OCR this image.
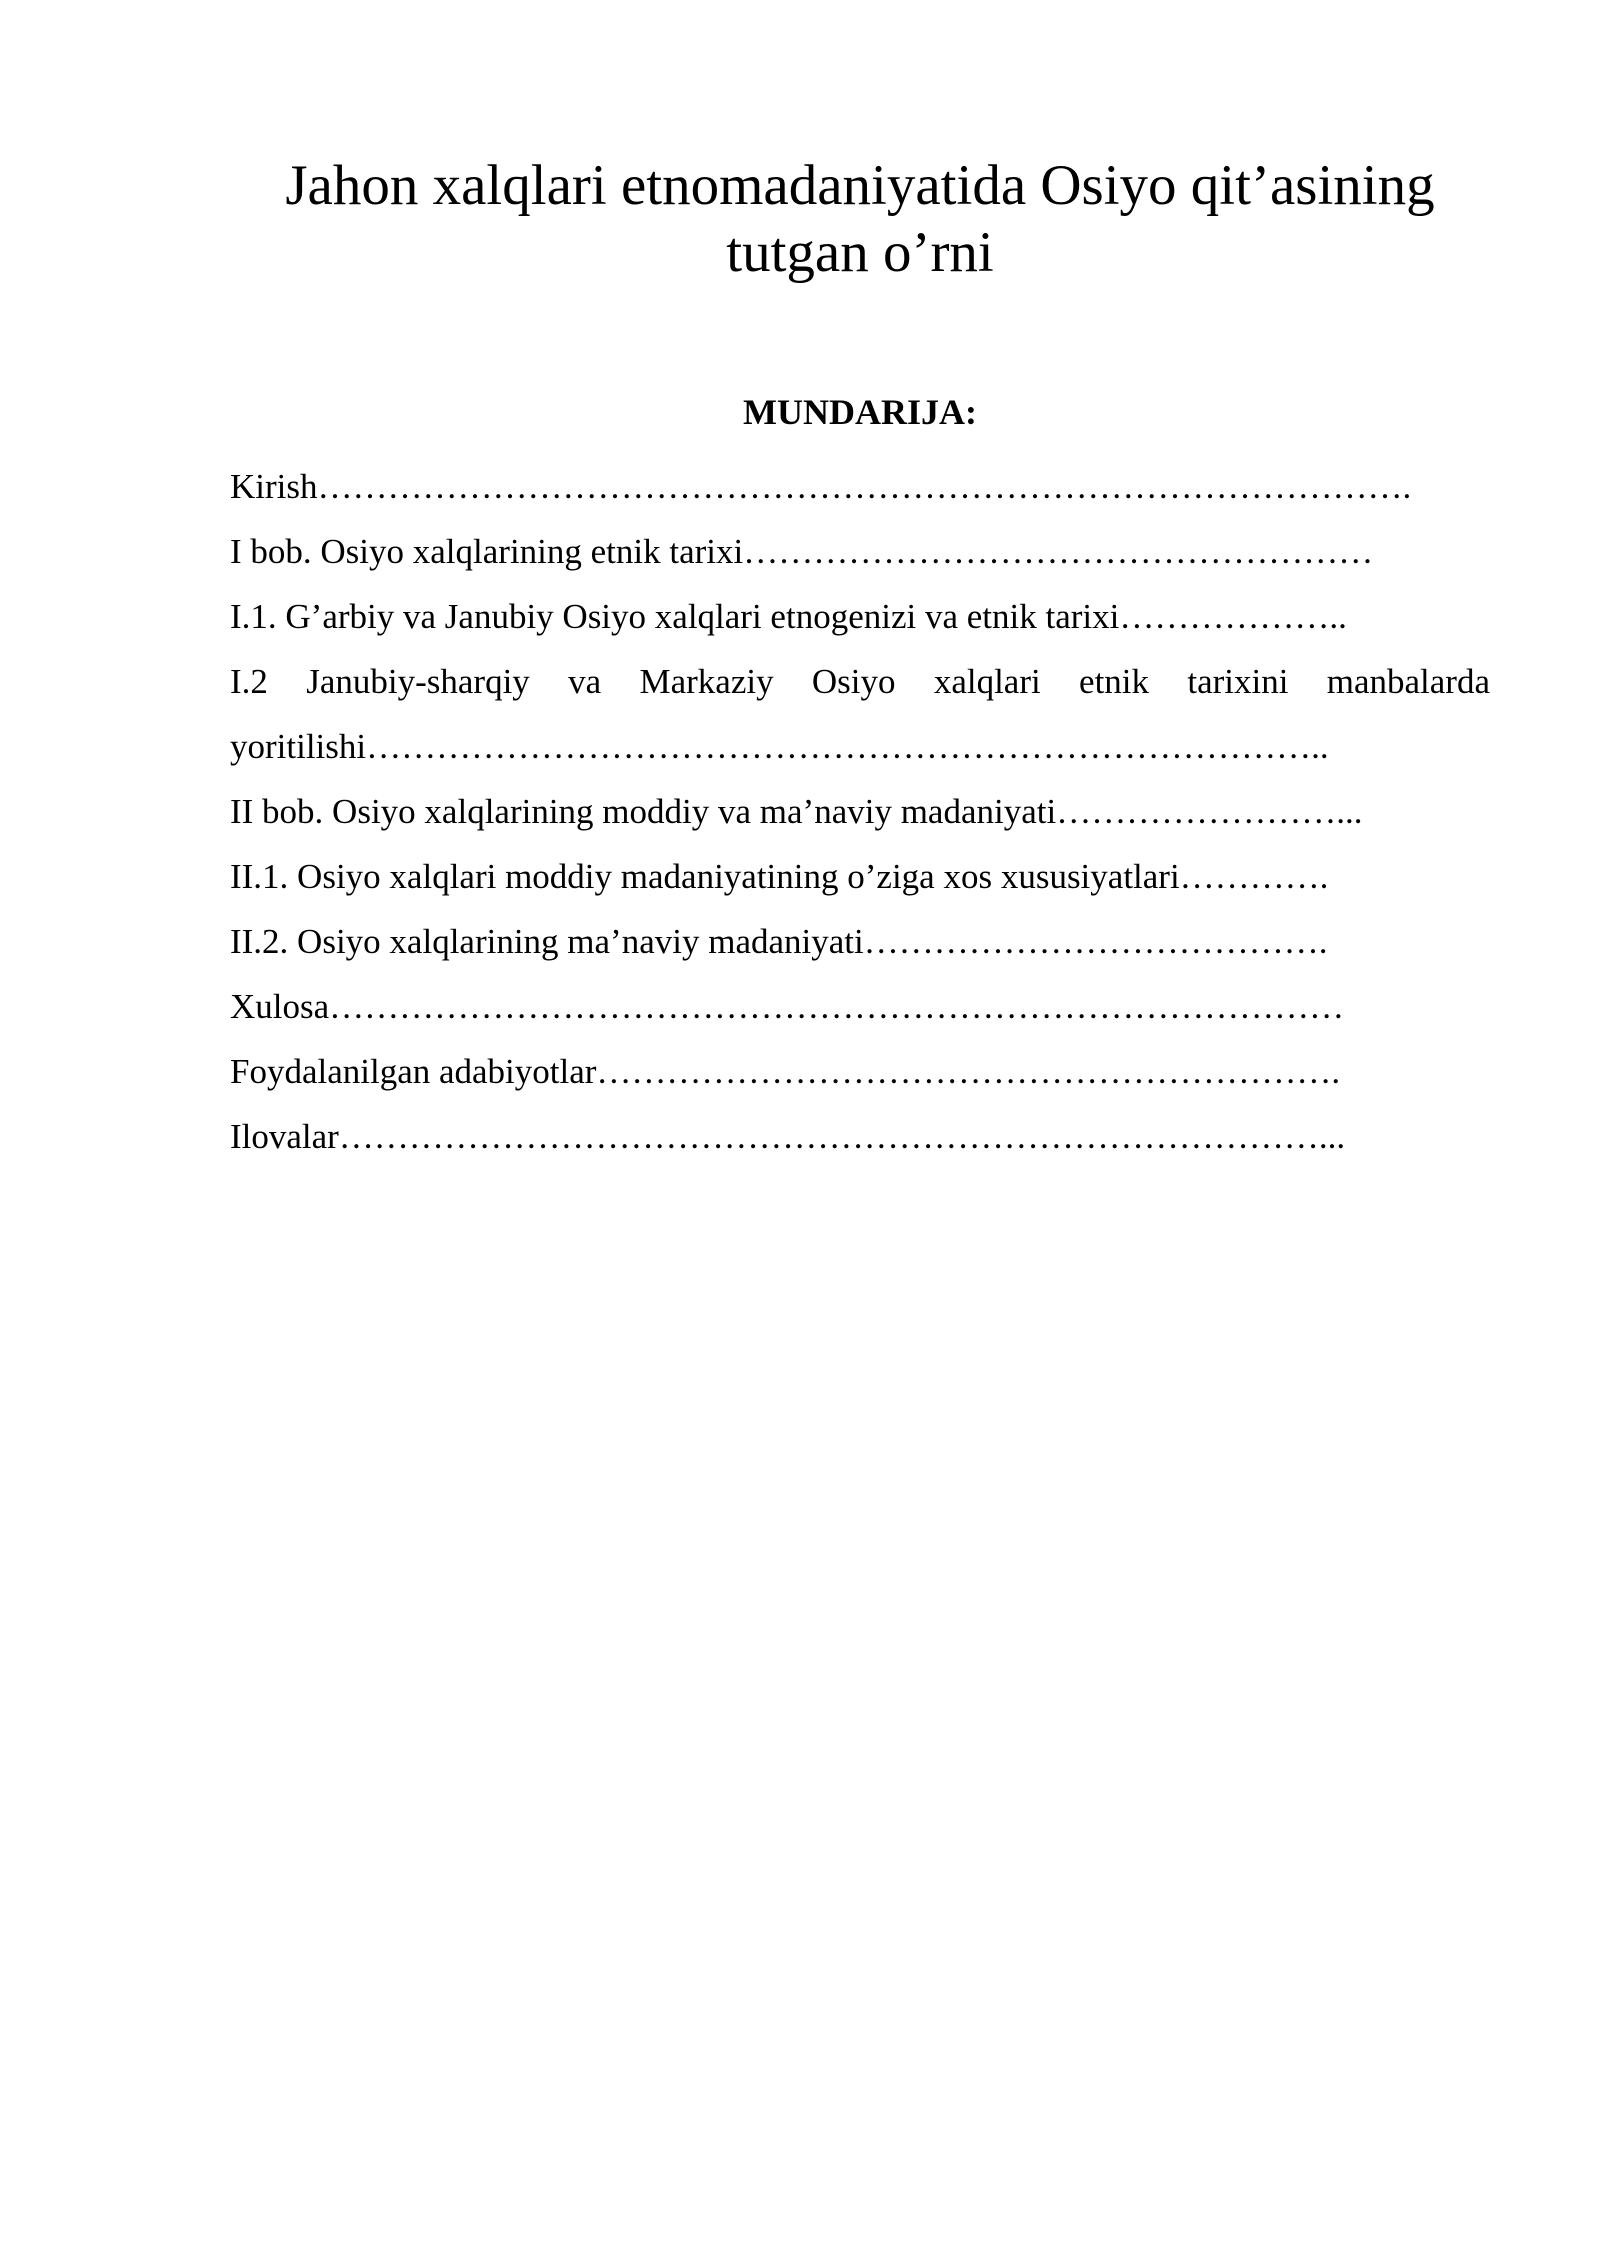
Jahon xalqlari etnomadaniyatida Osiyo qit’asining
tutgan o’rni
MUNDARIJA:
Kirish………………………………………………………………………………….
I bob. Osiyo xalqlarining etnik tarixi………………………………………………
I.1. G’arbiy va Janubiy Osiyo xalqlari etnogenizi va etnik tarixi………………..
I.2 Janubiy-sharqiy va Markaziy Osiyo xalqlari etnik tarixini manbalarda
yoritilishi………………………………………………………………………..
II bob. Osiyo xalqlarining moddiy va ma’naviy madaniyati……………………...
II.1. Osiyo xalqlari moddiy madaniyatining o’ziga xos xususiyatlari………….
II.2. Osiyo xalqlarining ma’naviy madaniyati………………………………….
Xulosa……………………………………………………………………………
Foydalanilgan adabiyotlar……………………………………………………….
Ilovalar…………………………………………………………………………...
